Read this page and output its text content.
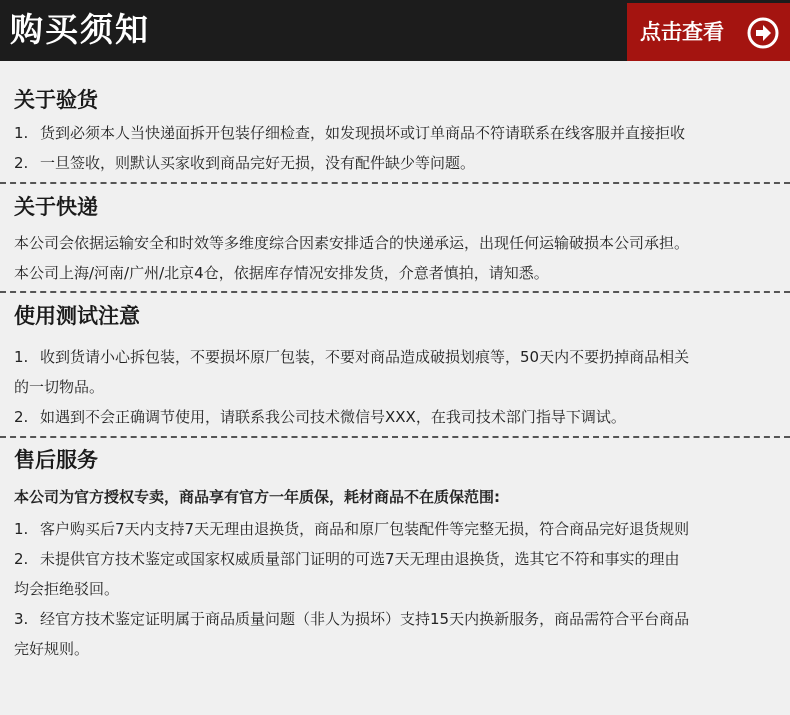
购买须知	点击查看
关于验货
1. 货到必须本人当快递面拆开包装仔细检查，如发现损坏或订单商品不符请联系在线客服并直接拒收
2. 一旦签收，则默认买家收到商品完好无损，没有配件缺少等问题。
关于快递
本公司会依据运输安全和时效等多维度综合因素安排适合的快递承运，出现任何运输破损本公司承担。
本公司上海/河南/广州/北京4仓，依据库存情况安排发货，介意者慎拍，请知悉。
使用测试注意
1. 收到货请小心拆包装，不要损坏原厂包装，不要对商品造成破损划痕等，50天内不要扔掉商品相关
的一切物品。
2. 如遇到不会正确调节使用，请联系我公司技术微信号XXX，在我司技术部门指导下调试。
售后服务
本公司为官方授权专卖，商品享有官方一年质保，耗材商品不在质保范围:
1. 客户购买后7天内支持7天无理由退换货，商品和原厂包装配件等完整无损，符合商品完好退货规则
2. 未提供官方技术鉴定或国家权威质量部门证明的可选7天无理由退换货，选其它不符和事实的理由
均会拒绝驳回。
3. 经官方技术鉴定证明属于商品质量问题（非人为损坏）支持15天内换新服务，商品需符合平台商品
完好规则。
